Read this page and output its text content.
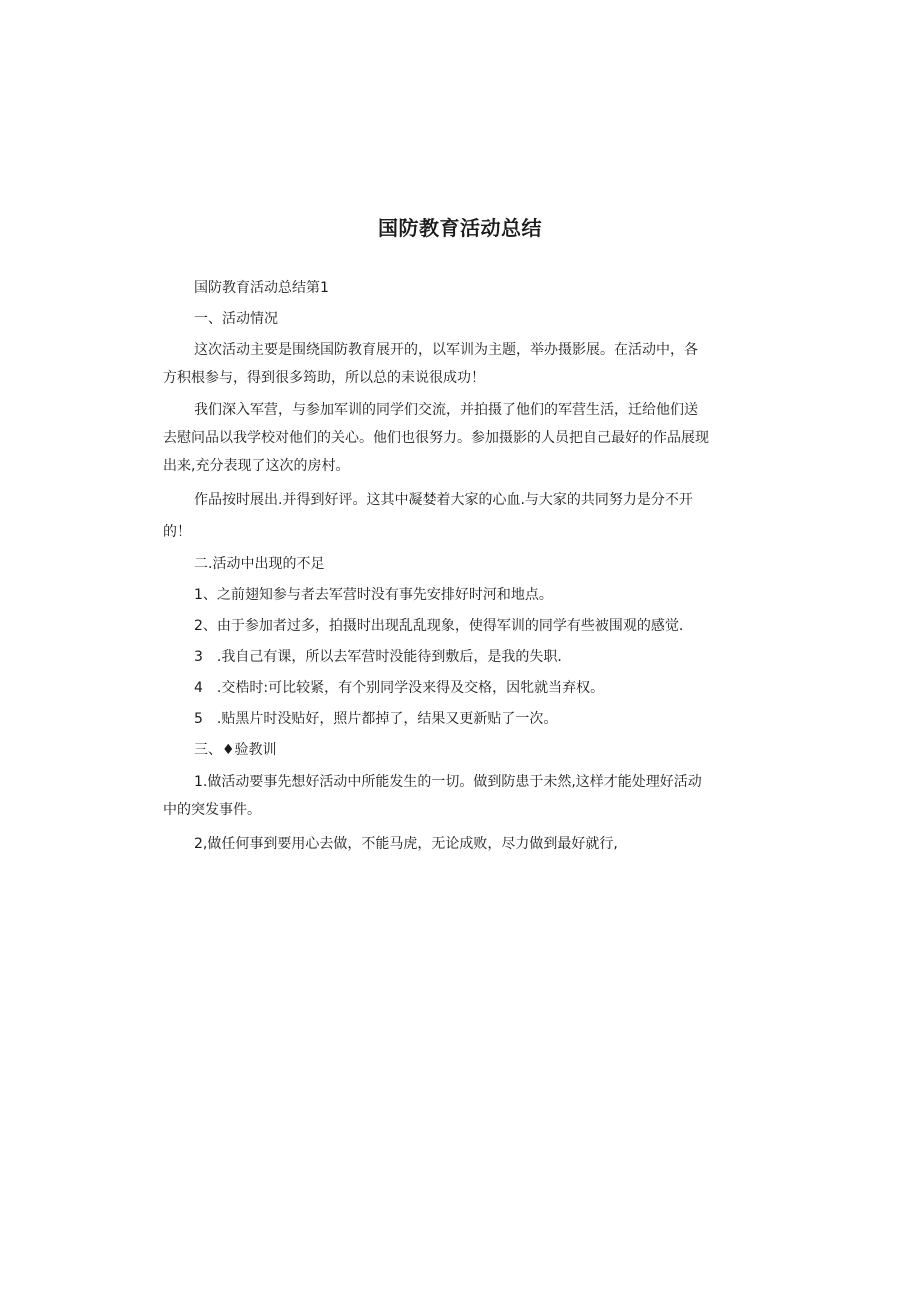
国防教育活动总结
国防教育活动总结第1
一、活动情况
这次活动主要是围绕国防教育展开的，以军训为主题，举办摄影展。在活动中，各
方积根参与，得到很多筠助，所以总的耒说很成功！
我们深入军营，与参加军训的同学们交流，并拍摄了他们的军营生活，迁给他们送
去慰问品以我学校对他们的关心。他们也很努力。参加摄影的人员把自己最好的作品展现
出来,充分表现了这次的房村。
作品按时展出.并得到好评。这其中凝婪着大家的心血.与大家的共同努力是分不开
的！
二.活动中出现的不足
1、之前翅知参与者去军营时没有事先安排好时河和地点。
2、由于参加者过多，拍摄时出现乱乱现象，使得军训的同学有些被围观的感觉.
3　.我自己有课，所以去军营时没能待到敷后，是我的失职.
4　.交梏时:可比较紧，有个别同学没来得及交格，因牝就当弃权。
5　.贴黑片时没贴好，照片都掉了，结果又更新贴了一次。
三、♦验教训
1.做活动要事先想好活动中所能发生的一切。做到防患于未然,这样才能处理好活动
中的突发事件。
2,做任何事到要用心去做，不能马虎，无论成败，尽力做到最好就行,
